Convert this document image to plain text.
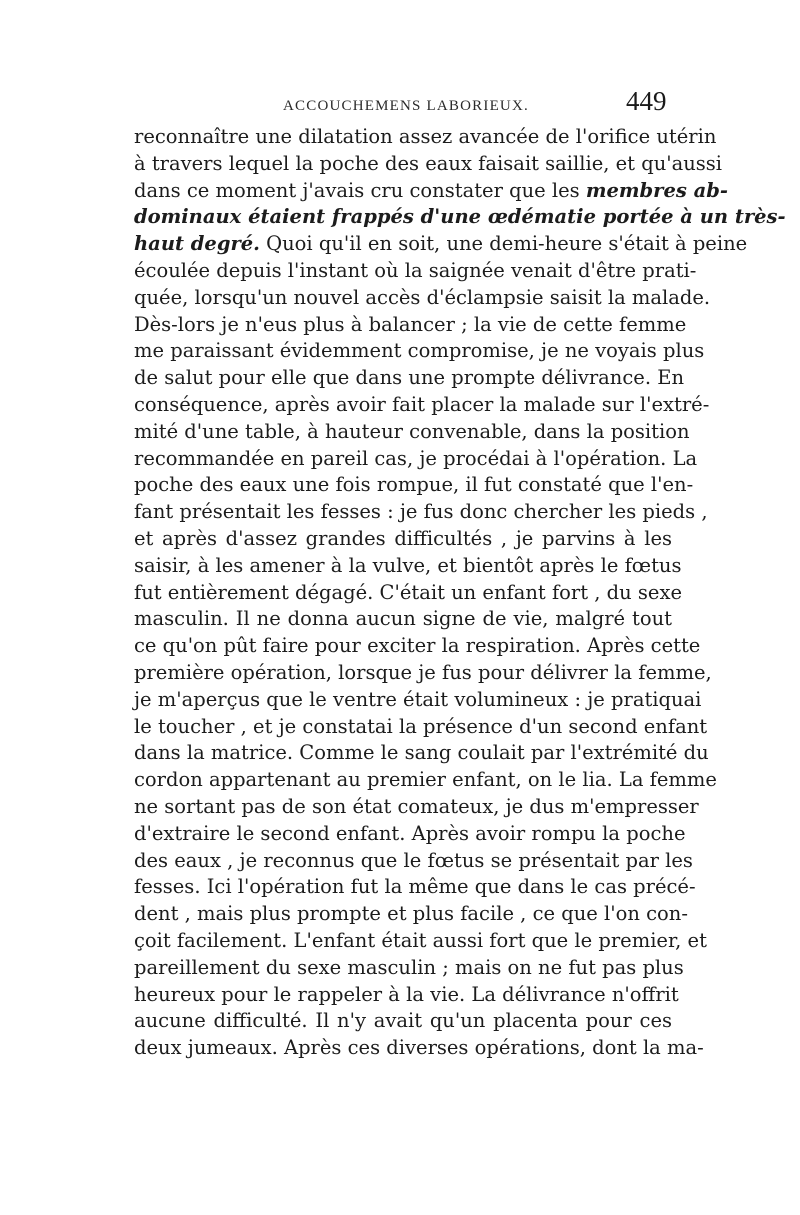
ACCOUCHEMENS LABORIEUX.	449
reconnaître une dilatation assez avancée de l'orifice utérin
à travers lequel la poche des eaux faisait saillie, et qu'aussi
dans ce moment j'avais cru constater que les membres ab-
dominaux étaient frappés d'une œdématie portée à un très-
haut degré. Quoi qu'il en soit, une demi-heure s'était à peine
écoulée depuis l'instant où la saignée venait d'être prati-
quée, lorsqu'un nouvel accès d'éclampsie saisit la malade.
Dès-lors je n'eus plus à balancer ; la vie de cette femme
me paraissant évidemment compromise, je ne voyais plus
de salut pour elle que dans une prompte délivrance. En
conséquence, après avoir fait placer la malade sur l'extré-
mité d'une table, à hauteur convenable, dans la position
recommandée en pareil cas, je procédai à l'opération. La
poche des eaux une fois rompue, il fut constaté que l'en-
fant présentait les fesses : je fus donc chercher les pieds ,
et après d'assez grandes difficultés , je parvins à les
saisir, à les amener à la vulve, et bientôt après le fœtus
fut entièrement dégagé. C'était un enfant fort , du sexe
masculin. Il ne donna aucun signe de vie, malgré tout
ce qu'on pût faire pour exciter la respiration. Après cette
première opération, lorsque je fus pour délivrer la femme,
je m'aperçus que le ventre était volumineux : je pratiquai
le toucher , et je constatai la présence d'un second enfant
dans la matrice. Comme le sang coulait par l'extrémité du
cordon appartenant au premier enfant, on le lia. La femme
ne sortant pas de son état comateux, je dus m'empresser
d'extraire le second enfant. Après avoir rompu la poche
des eaux , je reconnus que le fœtus se présentait par les
fesses. Ici l'opération fut la même que dans le cas précé-
dent , mais plus prompte et plus facile , ce que l'on con-
çoit facilement. L'enfant était aussi fort que le premier, et
pareillement du sexe masculin ; mais on ne fut pas plus
heureux pour le rappeler à la vie. La délivrance n'offrit
aucune difficulté. Il n'y avait qu'un placenta pour ces
deux jumeaux. Après ces diverses opérations, dont la ma-
